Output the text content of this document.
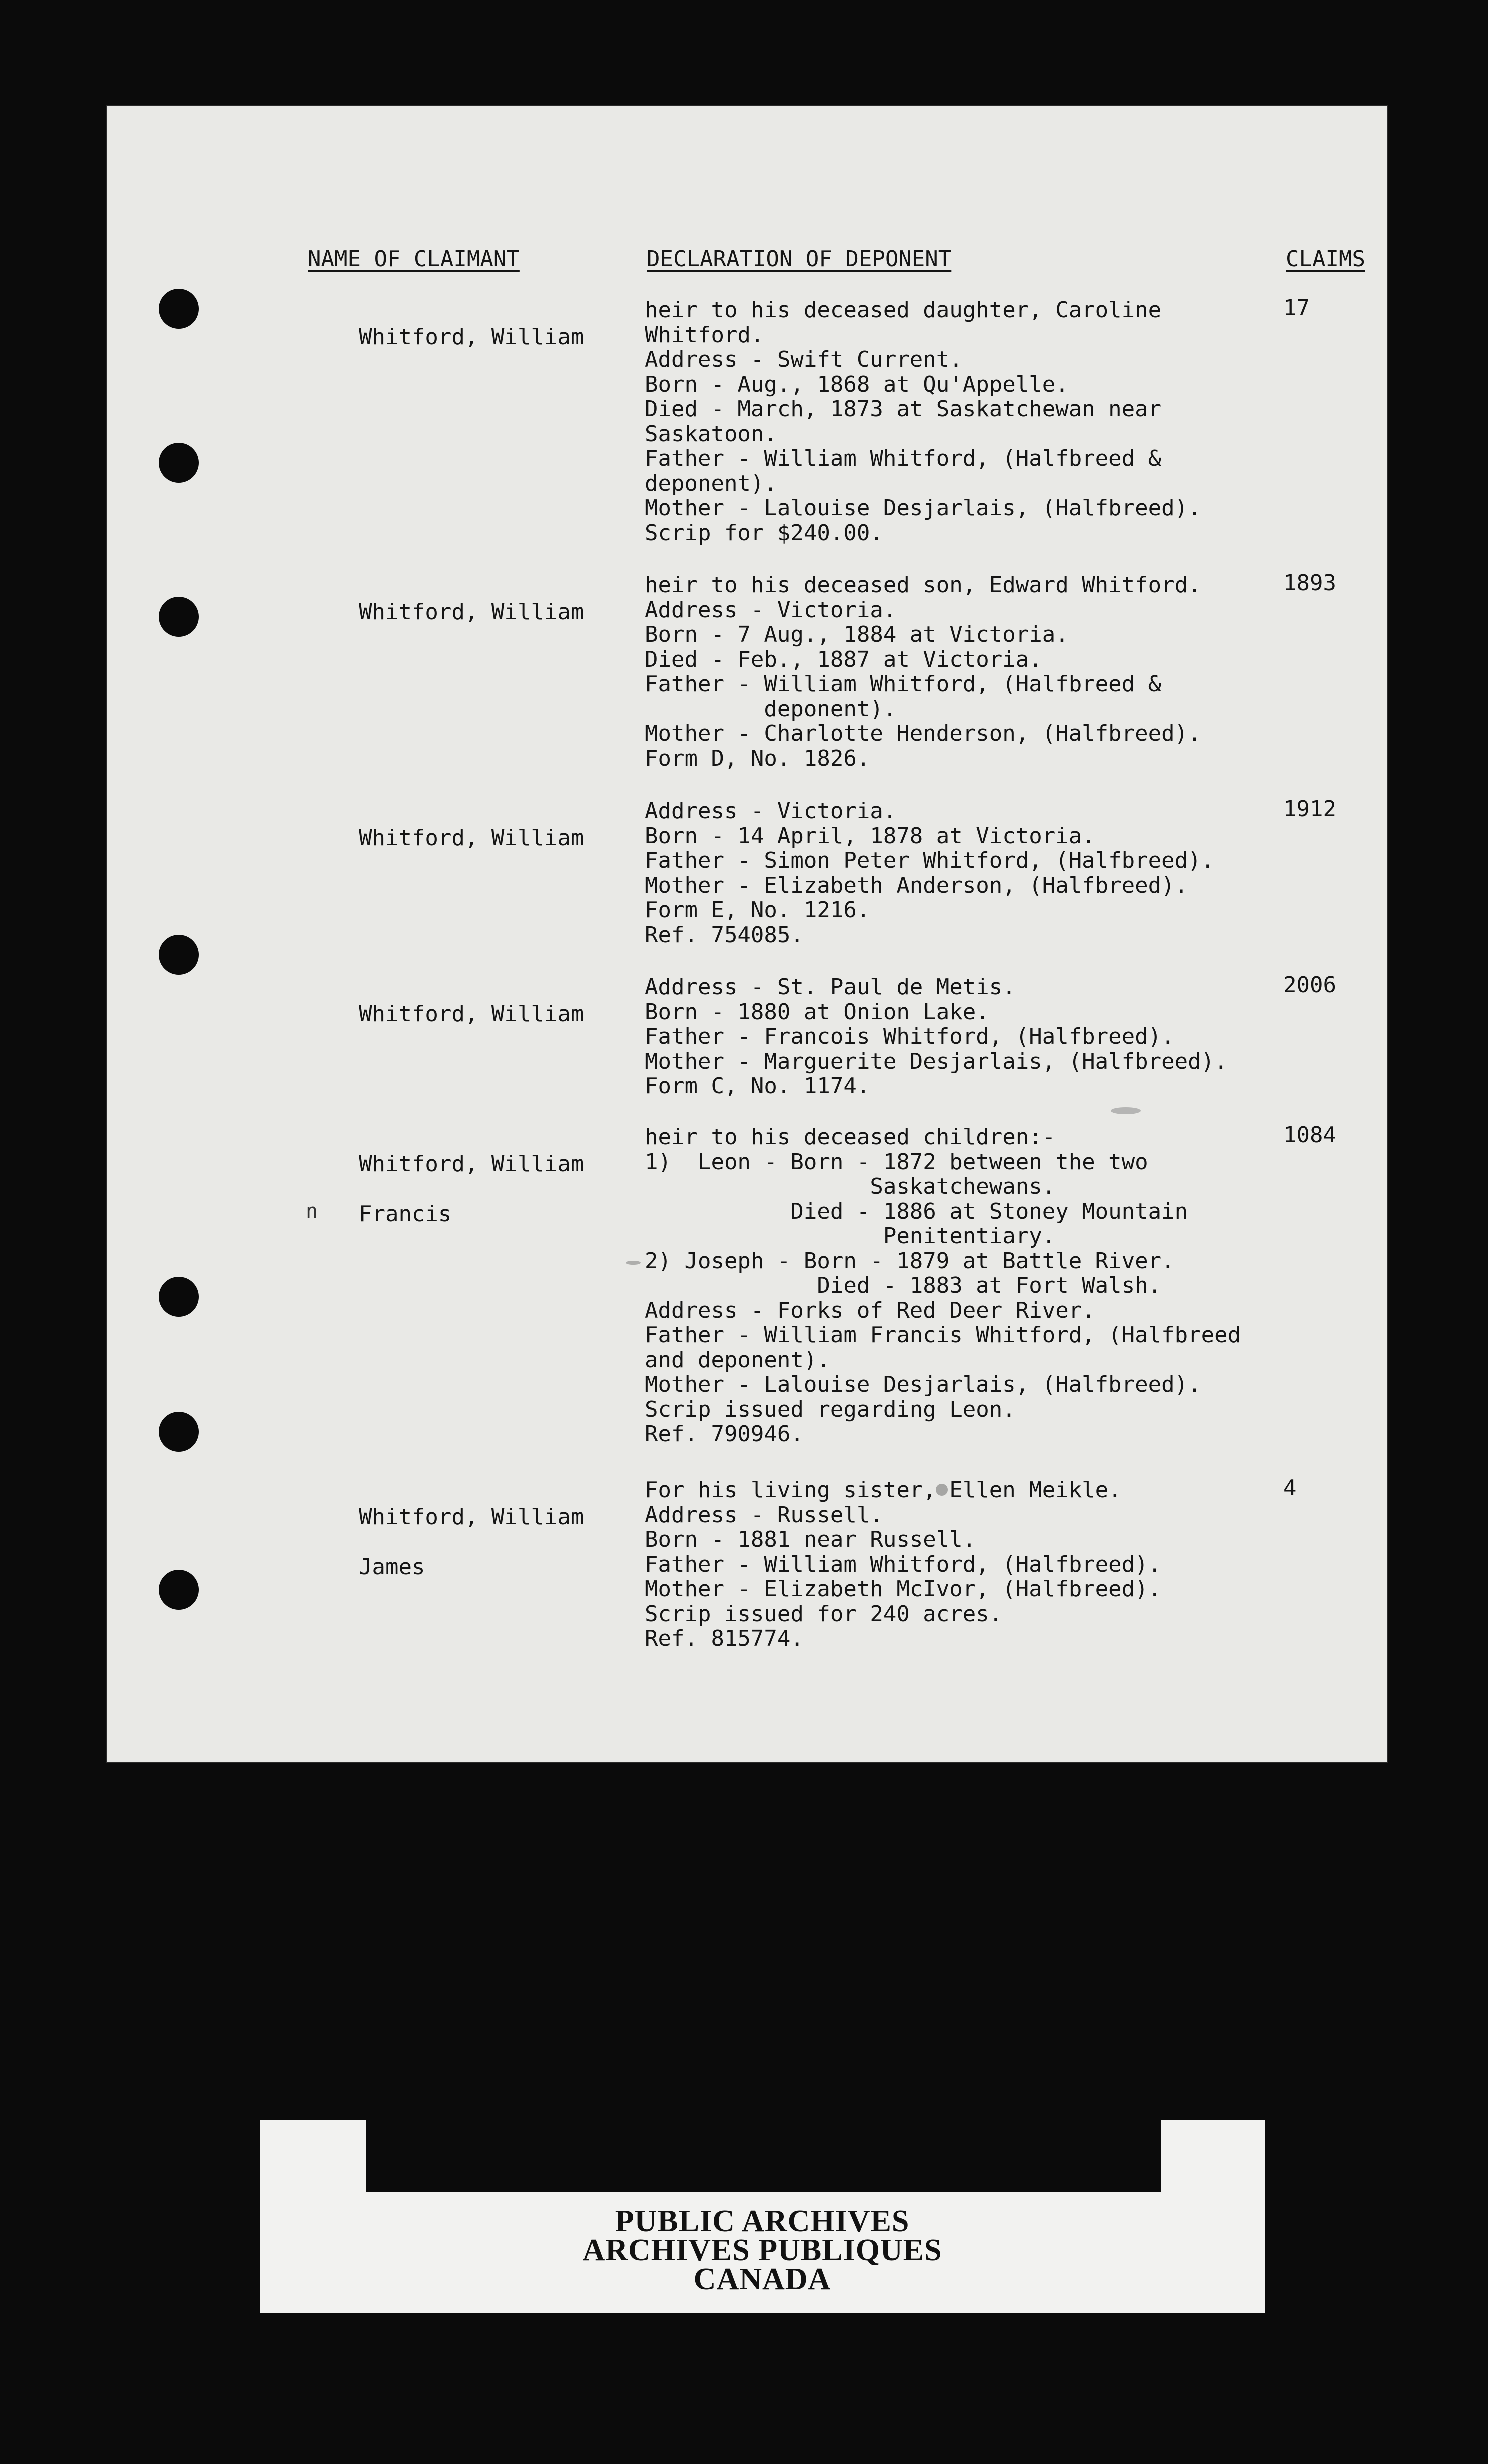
NAME OF CLAIMANT	DECLARATION OF DEPONENT	CLAIMS

Whitford, William

17
heir to his deceased daughter, Caroline
Whitford.
Address - Swift Current.
Born - Aug., 1868 at Qu'Appelle.
Died - March, 1873 at Saskatchewan near
Saskatoon.
Father - William Whitford, (Halfbreed &
deponent).
Mother - Lalouise Desjarlais, (Halfbreed).
Scrip for $240.00.

Whitford, William

1893
heir to his deceased son, Edward Whitford.
Address - Victoria.
Born - 7 Aug., 1884 at Victoria.
Died - Feb., 1887 at Victoria.
Father - William Whitford, (Halfbreed &
deponent).
Mother - Charlotte Henderson, (Halfbreed).
Form D, No. 1826.

Whitford, William

1912
Address - Victoria.
Born - 14 April, 1878 at Victoria.
Father - Simon Peter Whitford, (Halfbreed).
Mother - Elizabeth Anderson, (Halfbreed).
Form E, No. 1216.
Ref. 754085.

Whitford, William

2006
Address - St. Paul de Metis.
Born - 1880 at Onion Lake.
Father - Francois Whitford, (Halfbreed).
Mother - Marguerite Desjarlais, (Halfbreed).
Form C, No. 1174.

Whitford, William

Francis

n
1084
heir to his deceased children:-
1)  Leon - Born - 1872 between the two
Saskatchewans.
Died - 1886 at Stoney Mountain
Penitentiary.
2) Joseph - Born - 1879 at Battle River.
Died - 1883 at Fort Walsh.
Address - Forks of Red Deer River.
Father - William Francis Whitford, (Halfbreed
and deponent).
Mother - Lalouise Desjarlais, (Halfbreed).
Scrip issued regarding Leon.
Ref. 790946.

Whitford, William

James

4
For his living sister, Ellen Meikle.
Address - Russell.
Born - 1881 near Russell.
Father - William Whitford, (Halfbreed).
Mother - Elizabeth McIvor, (Halfbreed).
Scrip issued for 240 acres.
Ref. 815774.
PUBLIC ARCHIVES
ARCHIVES PUBLIQUES
CANADA
